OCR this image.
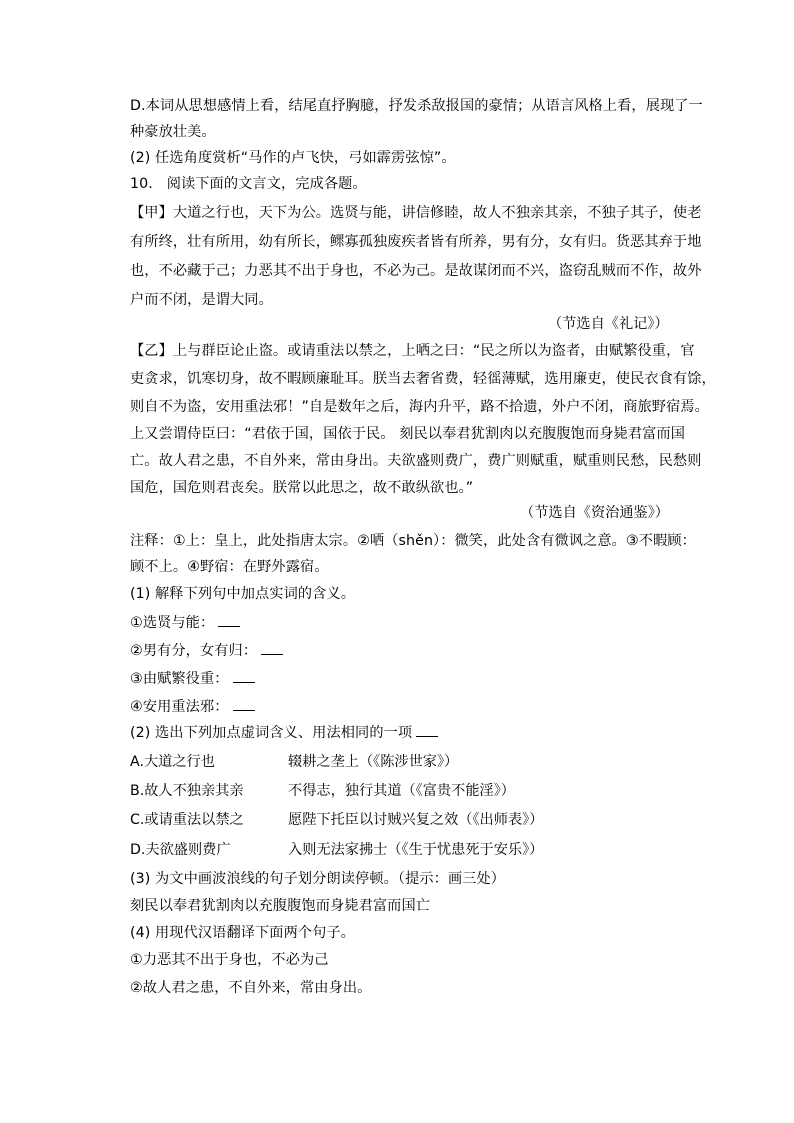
D.本词从思想感情上看，结尾直抒胸臆，抒发杀敌报国的豪情；从语言风格上看，展现了一
种豪放壮美。
(2) 任选角度赏析“马作的卢飞快，弓如霹雳弦惊”。
10.   阅读下面的文言文，完成各题。
【甲】大道之行也，天下为公。选贤与能，讲信修睦，故人不独亲其亲，不独子其子，使老
有所终，壮有所用，幼有所长，鳏寡孤独废疾者皆有所养，男有分，女有归。货恶其弃于地
也，不必藏于己；力恶其不出于身也，不必为己。是故谋闭而不兴，盗窃乱贼而不作，故外
户而不闭，是谓大同。
（节选自《礼记》）
【乙】上与群臣论止盗。或请重法以禁之，上哂之曰：“民之所以为盗者，由赋繁役重，官
吏贪求，饥寒切身，故不暇顾廉耻耳。朕当去奢省费，轻徭薄赋，选用廉吏，使民衣食有馀，
则自不为盗，安用重法邪！”自是数年之后，海内升平，路不拾遗，外户不闭，商旅野宿焉。
上又尝谓侍臣曰：“君依于国，国依于民。 刻民以奉君犹割肉以充腹腹饱而身毙君富而国
亡。故人君之患，不自外来，常由身出。夫欲盛则费广，费广则赋重，赋重则民愁，民愁则
国危，国危则君丧矣。朕常以此思之，故不敢纵欲也。”
（节选自《资治通鉴》）
注释：①上：皇上，此处指唐太宗。②哂（shěn）：微笑，此处含有微讽之意。③不暇顾：
顾不上。④野宿：在野外露宿。
(1) 解释下列句中加点实词的含义。
①选贤与能：
②男有分，女有归：
③由赋繁役重：
④安用重法邪：
(2) 选出下列加点虚词含义、用法相同的一项
A.大道之行也	辍耕之垄上（《陈涉世家》）
B.故人不独亲其亲	不得志，独行其道（《富贵不能淫》）
C.或请重法以禁之	愿陛下托臣以讨贼兴复之效（《出师表》）
D.夫欲盛则费广	入则无法家拂士（《生于忧患死于安乐》）
(3) 为文中画波浪线的句子划分朗读停顿。（提示：画三处）
刻民以奉君犹割肉以充腹腹饱而身毙君富而国亡
(4) 用现代汉语翻译下面两个句子。
①力恶其不出于身也，不必为己
②故人君之患，不自外来，常由身出。
